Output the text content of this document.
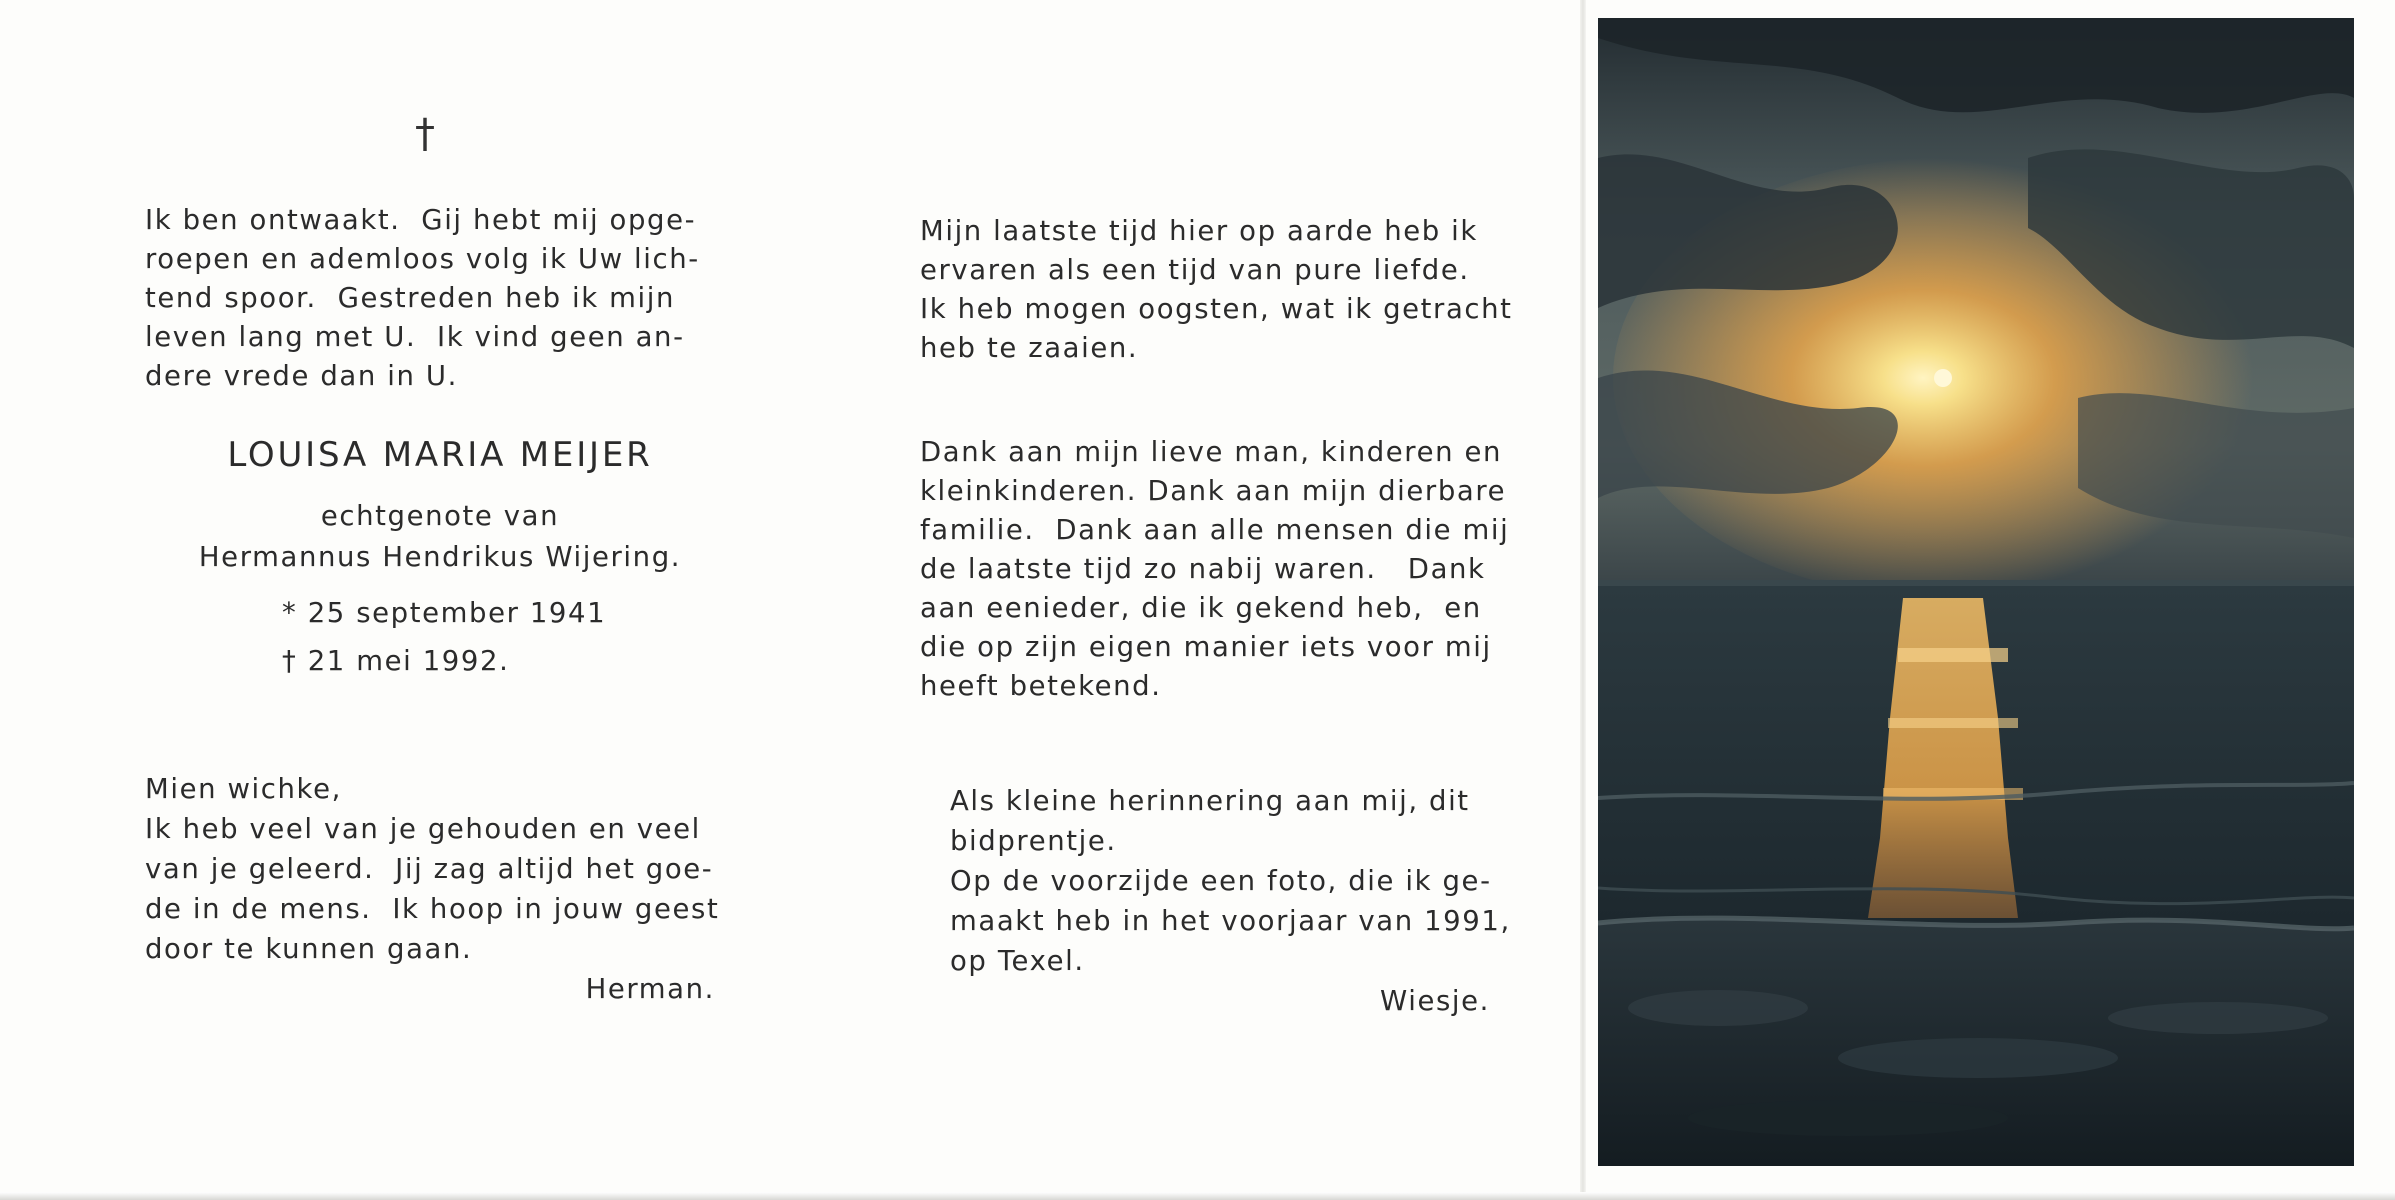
†

Ik ben ontwaakt.  Gij hebt mij opge-

roepen en ademloos volg ik Uw lich-

tend spoor.  Gestreden heb ik mijn

leven lang met U.  Ik vind geen an-

dere vrede dan in U.

LOUISA MARIA MEIJER

echtgenote van

Hermannus Hendrikus Wijering.

* 25 september 1941

† 21 mei 1992.

Mien wichke,

Ik heb veel van je gehouden en veel

van je geleerd.  Jij zag altijd het goe-

de in de mens.  Ik hoop in jouw geest

door te kunnen gaan.

Herman.

Mijn laatste tijd hier op aarde heb ik

ervaren als een tijd van pure liefde.

Ik heb mogen oogsten, wat ik getracht

heb te zaaien.

Dank aan mijn lieve man, kinderen en

kleinkinderen. Dank aan mijn dierbare

familie.  Dank aan alle mensen die mij

de laatste tijd zo nabij waren.   Dank

aan eenieder, die ik gekend heb,  en

die op zijn eigen manier iets voor mij

heeft betekend.

Als kleine herinnering aan mij, dit

bidprentje.

Op de voorzijde een foto, die ik ge-

maakt heb in het voorjaar van 1991,

op Texel.

Wiesje.
